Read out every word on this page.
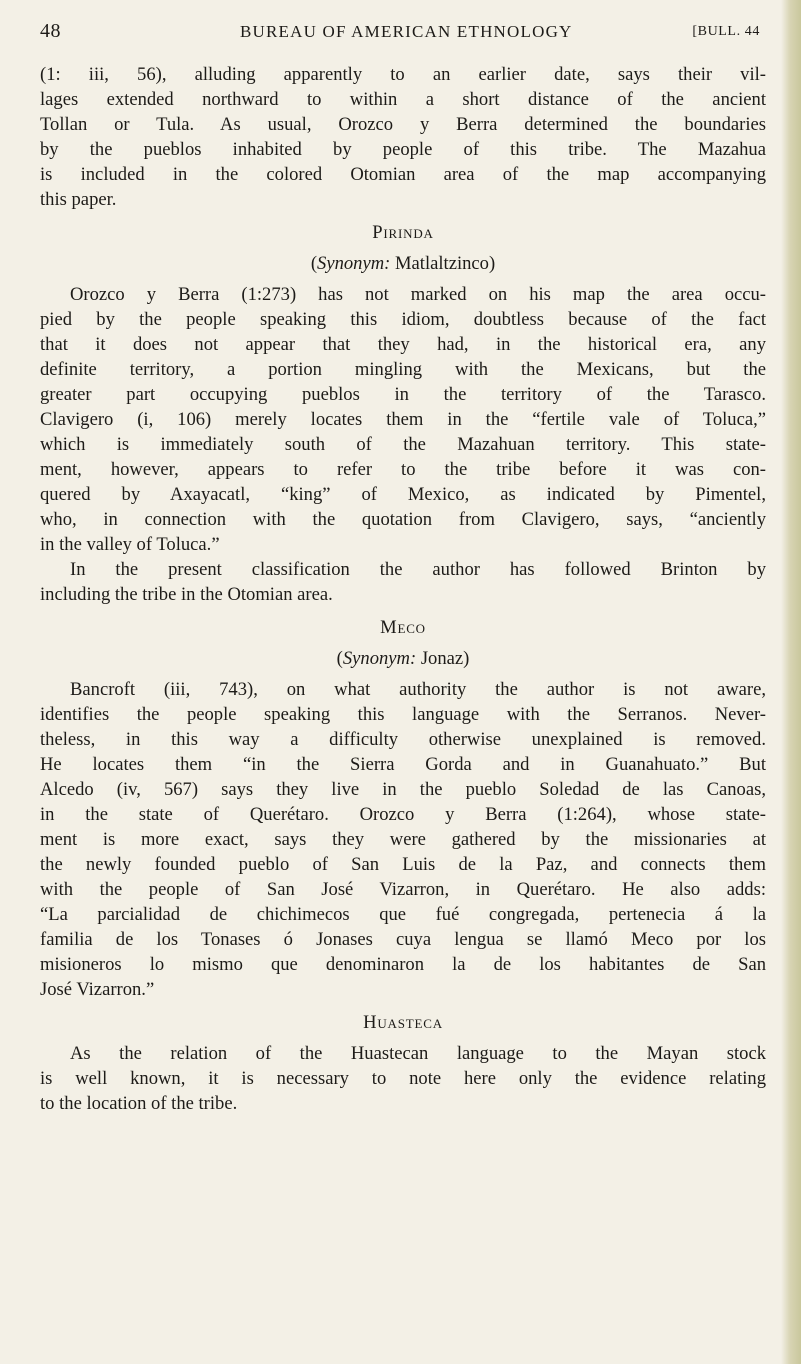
48	BUREAU OF AMERICAN ETHNOLOGY	[BULL. 44
(1: iii, 56), alluding apparently to an earlier date, says their vil-
lages extended northward to within a short distance of the ancient
Tollan or Tula. As usual, Orozco y Berra determined the boundaries
by the pueblos inhabited by people of this tribe. The Mazahua
is included in the colored Otomian area of the map accompanying
this paper.
Pirinda
(Synonym: Matlaltzinco)
Orozco y Berra (1:273) has not marked on his map the area occu-
pied by the people speaking this idiom, doubtless because of the fact
that it does not appear that they had, in the historical era, any
definite territory, a portion mingling with the Mexicans, but the
greater part occupying pueblos in the territory of the Tarasco.
Clavigero (i, 106) merely locates them in the “fertile vale of Toluca,”
which is immediately south of the Mazahuan territory. This state-
ment, however, appears to refer to the tribe before it was con-
quered by Axayacatl, “king” of Mexico, as indicated by Pimentel,
who, in connection with the quotation from Clavigero, says, “anciently
in the valley of Toluca.”
In the present classification the author has followed Brinton by
including the tribe in the Otomian area.
Meco
(Synonym: Jonaz)
Bancroft (iii, 743), on what authority the author is not aware,
identifies the people speaking this language with the Serranos. Never-
theless, in this way a difficulty otherwise unexplained is removed.
He locates them “in the Sierra Gorda and in Guanahuato.” But
Alcedo (iv, 567) says they live in the pueblo Soledad de las Canoas,
in the state of Querétaro. Orozco y Berra (1:264), whose state-
ment is more exact, says they were gathered by the missionaries at
the newly founded pueblo of San Luis de la Paz, and connects them
with the people of San José Vizarron, in Querétaro. He also adds:
“La parcialidad de chichimecos que fué congregada, pertenecia á la
familia de los Tonases ó Jonases cuya lengua se llamó Meco por los
misioneros lo mismo que denominaron la de los habitantes de San
José Vizarron.”
Huasteca
As the relation of the Huastecan language to the Mayan stock
is well known, it is necessary to note here only the evidence relating
to the location of the tribe.
